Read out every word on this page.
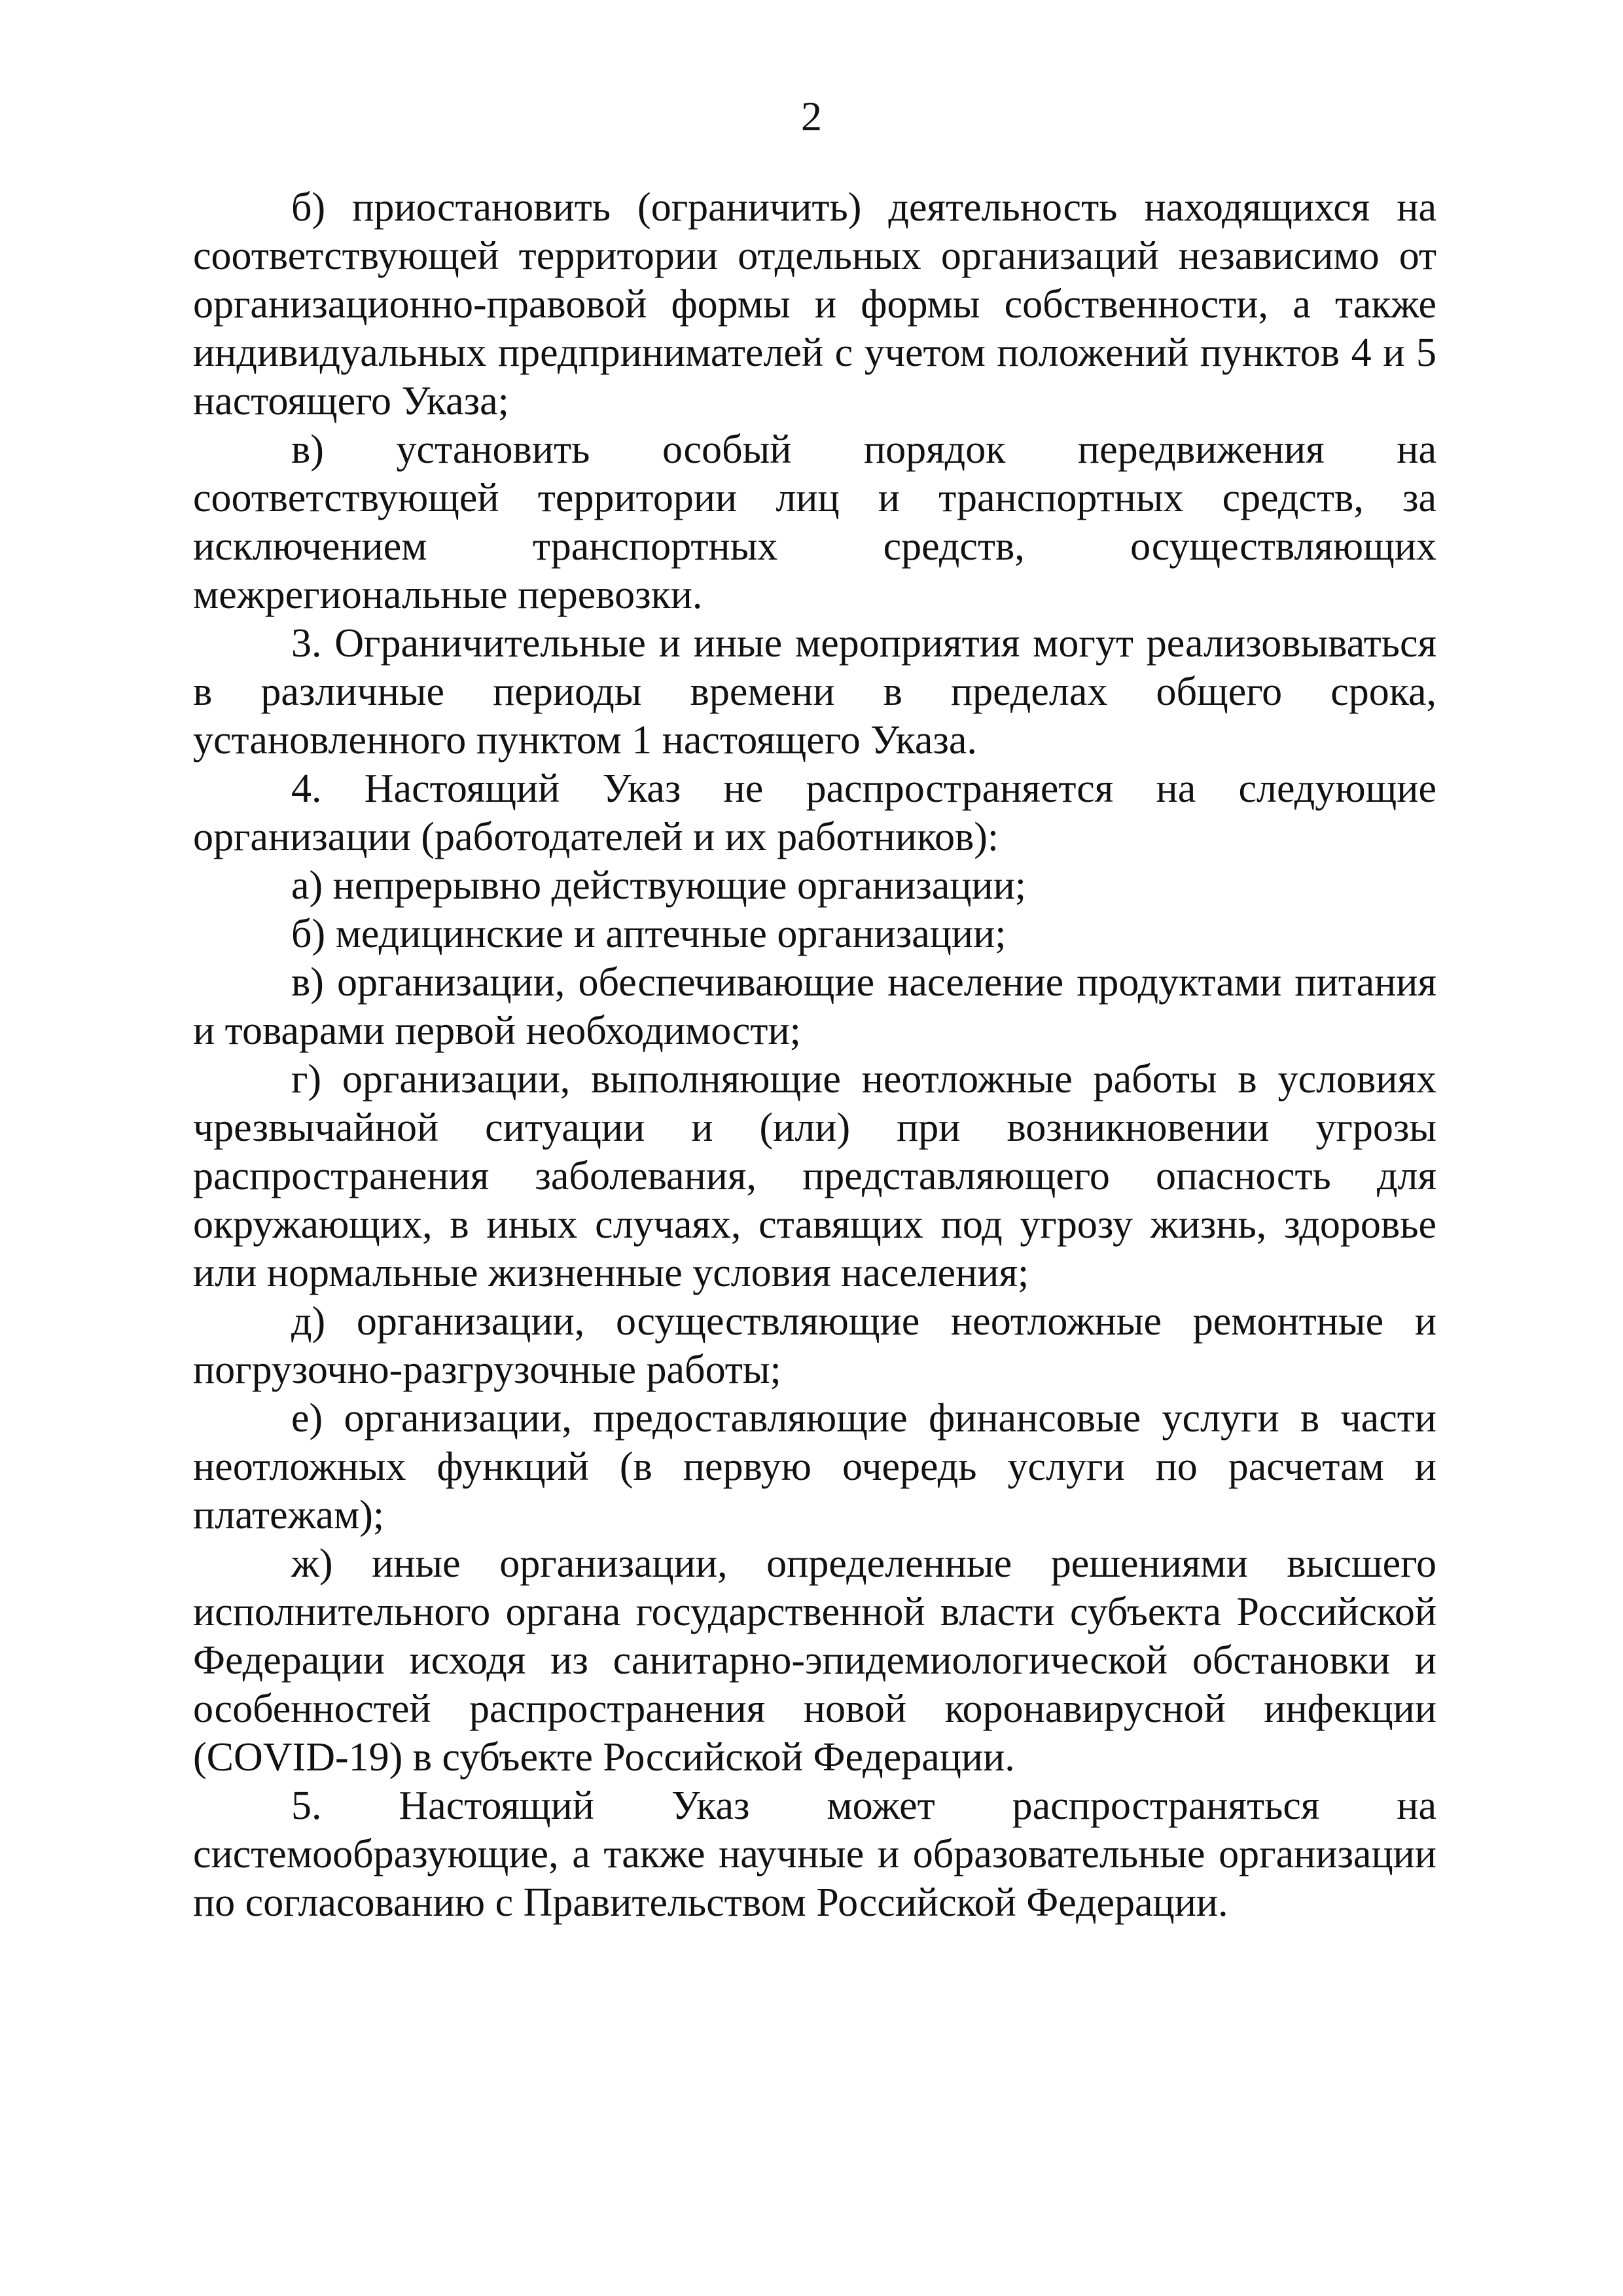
2

б) приостановить (ограничить) деятельность находящихся на соответствующей территории отдельных организаций независимо от организационно-правовой формы и формы собственности, а также индивидуальных предпринимателей с учетом положений пунктов 4 и 5 настоящего Указа;

в) установить особый порядок передвижения на соответствующей территории лиц и транспортных средств, за исключением транспортных средств, осуществляющих межрегиональные перевозки.

3. Ограничительные и иные мероприятия могут реализовываться в различные периоды времени в пределах общего срока, установленного пунктом 1 настоящего Указа.

4. Настоящий Указ не распространяется на следующие организации (работодателей и их работников):

а) непрерывно действующие организации;

б) медицинские и аптечные организации;

в) организации, обеспечивающие население продуктами питания и товарами первой необходимости;

г) организации, выполняющие неотложные работы в условиях чрезвычайной ситуации и (или) при возникновении угрозы распространения заболевания, представляющего опасность для окружающих, в иных случаях, ставящих под угрозу жизнь, здоровье или нормальные жизненные условия населения;

д) организации, осуществляющие неотложные ремонтные и погрузочно-разгрузочные работы;

е) организации, предоставляющие финансовые услуги в части неотложных функций (в первую очередь услуги по расчетам и платежам);

ж) иные организации, определенные решениями высшего исполнительного органа государственной власти субъекта Российской Федерации исходя из санитарно-эпидемиологической обстановки и особенностей распространения новой коронавирусной инфекции (COVID-19) в субъекте Российской Федерации.

5. Настоящий Указ может распространяться на системообразующие, а также научные и образовательные организации по согласованию с Правительством Российской Федерации.
